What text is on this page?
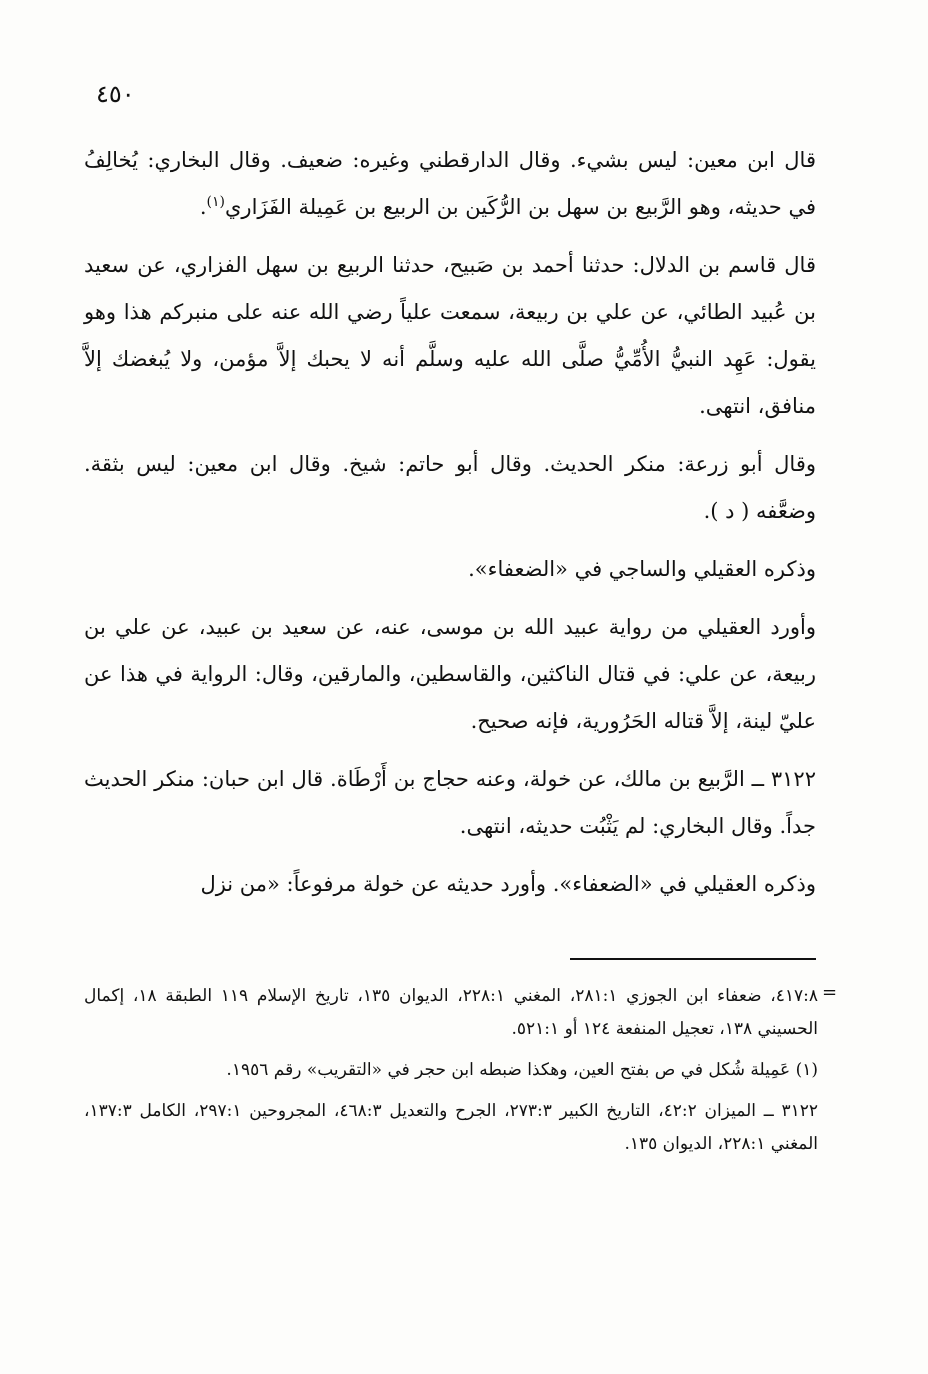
٤٥٠

قال ابن معين: ليس بشيء. وقال الدارقطني وغيره: ضعيف. وقال البخاري: يُخالِفُ في حديثه، وهو الرَّبيع بن سهل بن الرُّكَين بن الربيع بن عَمِيلة الفَزَاري$^{(١)}$.

قال قاسم بن الدلال: حدثنا أحمد بن صَبيح، حدثنا الربيع بن سهل الفزاري، عن سعيد بن عُبيد الطائي، عن علي بن ربيعة، سمعت علياً رضي الله عنه على منبركم هذا وهو يقول: عَهِد النبيُّ الأُمِّيُّ صلَّى الله عليه وسلَّم أنه لا يحبك إلاَّ مؤمن، ولا يُبغضك إلاَّ منافق، انتهى.

وقال أبو زرعة: منكر الحديث. وقال أبو حاتم: شيخ. وقال ابن معين: ليس بثقة. وضعَّفه ( د ).

وذكره العقيلي والساجي في «الضعفاء».

وأورد العقيلي من رواية عبيد الله بن موسى، عنه، عن سعيد بن عبيد، عن علي بن ربيعة، عن علي: في قتال الناكثين، والقاسطين، والمارقين، وقال: الرواية في هذا عن عليّ لينة، إلاَّ قتاله الحَرُورية، فإنه صحيح.

٣١٢٢ ــ الرَّبيع بن مالك، عن خولة، وعنه حجاج بن أَرْطَاة. قال ابن حبان: منكر الحديث جداً. وقال البخاري: لم يَثْبُت حديثه، انتهى.

وذكره العقيلي في «الضعفاء». وأورد حديثه عن خولة مرفوعاً: «من نزل

=

٤١٧:٨، ضعفاء ابن الجوزي ٢٨١:١، المغني ٢٢٨:١، الديوان ١٣٥، تاريخ الإسلام ١١٩ الطبقة ١٨، إكمال الحسيني ١٣٨، تعجيل المنفعة ١٢٤ أو ٥٢١:١.

(١) عَمِيلة شُكل في ص بفتح العين، وهكذا ضبطه ابن حجر في «التقريب» رقم ١٩٥٦.

٣١٢٢ ــ الميزان ٤٢:٢، التاريخ الكبير ٢٧٣:٣، الجرح والتعديل ٤٦٨:٣، المجروحين ٢٩٧:١، الكامل ١٣٧:٣، المغني ٢٢٨:١، الديوان ١٣٥.
